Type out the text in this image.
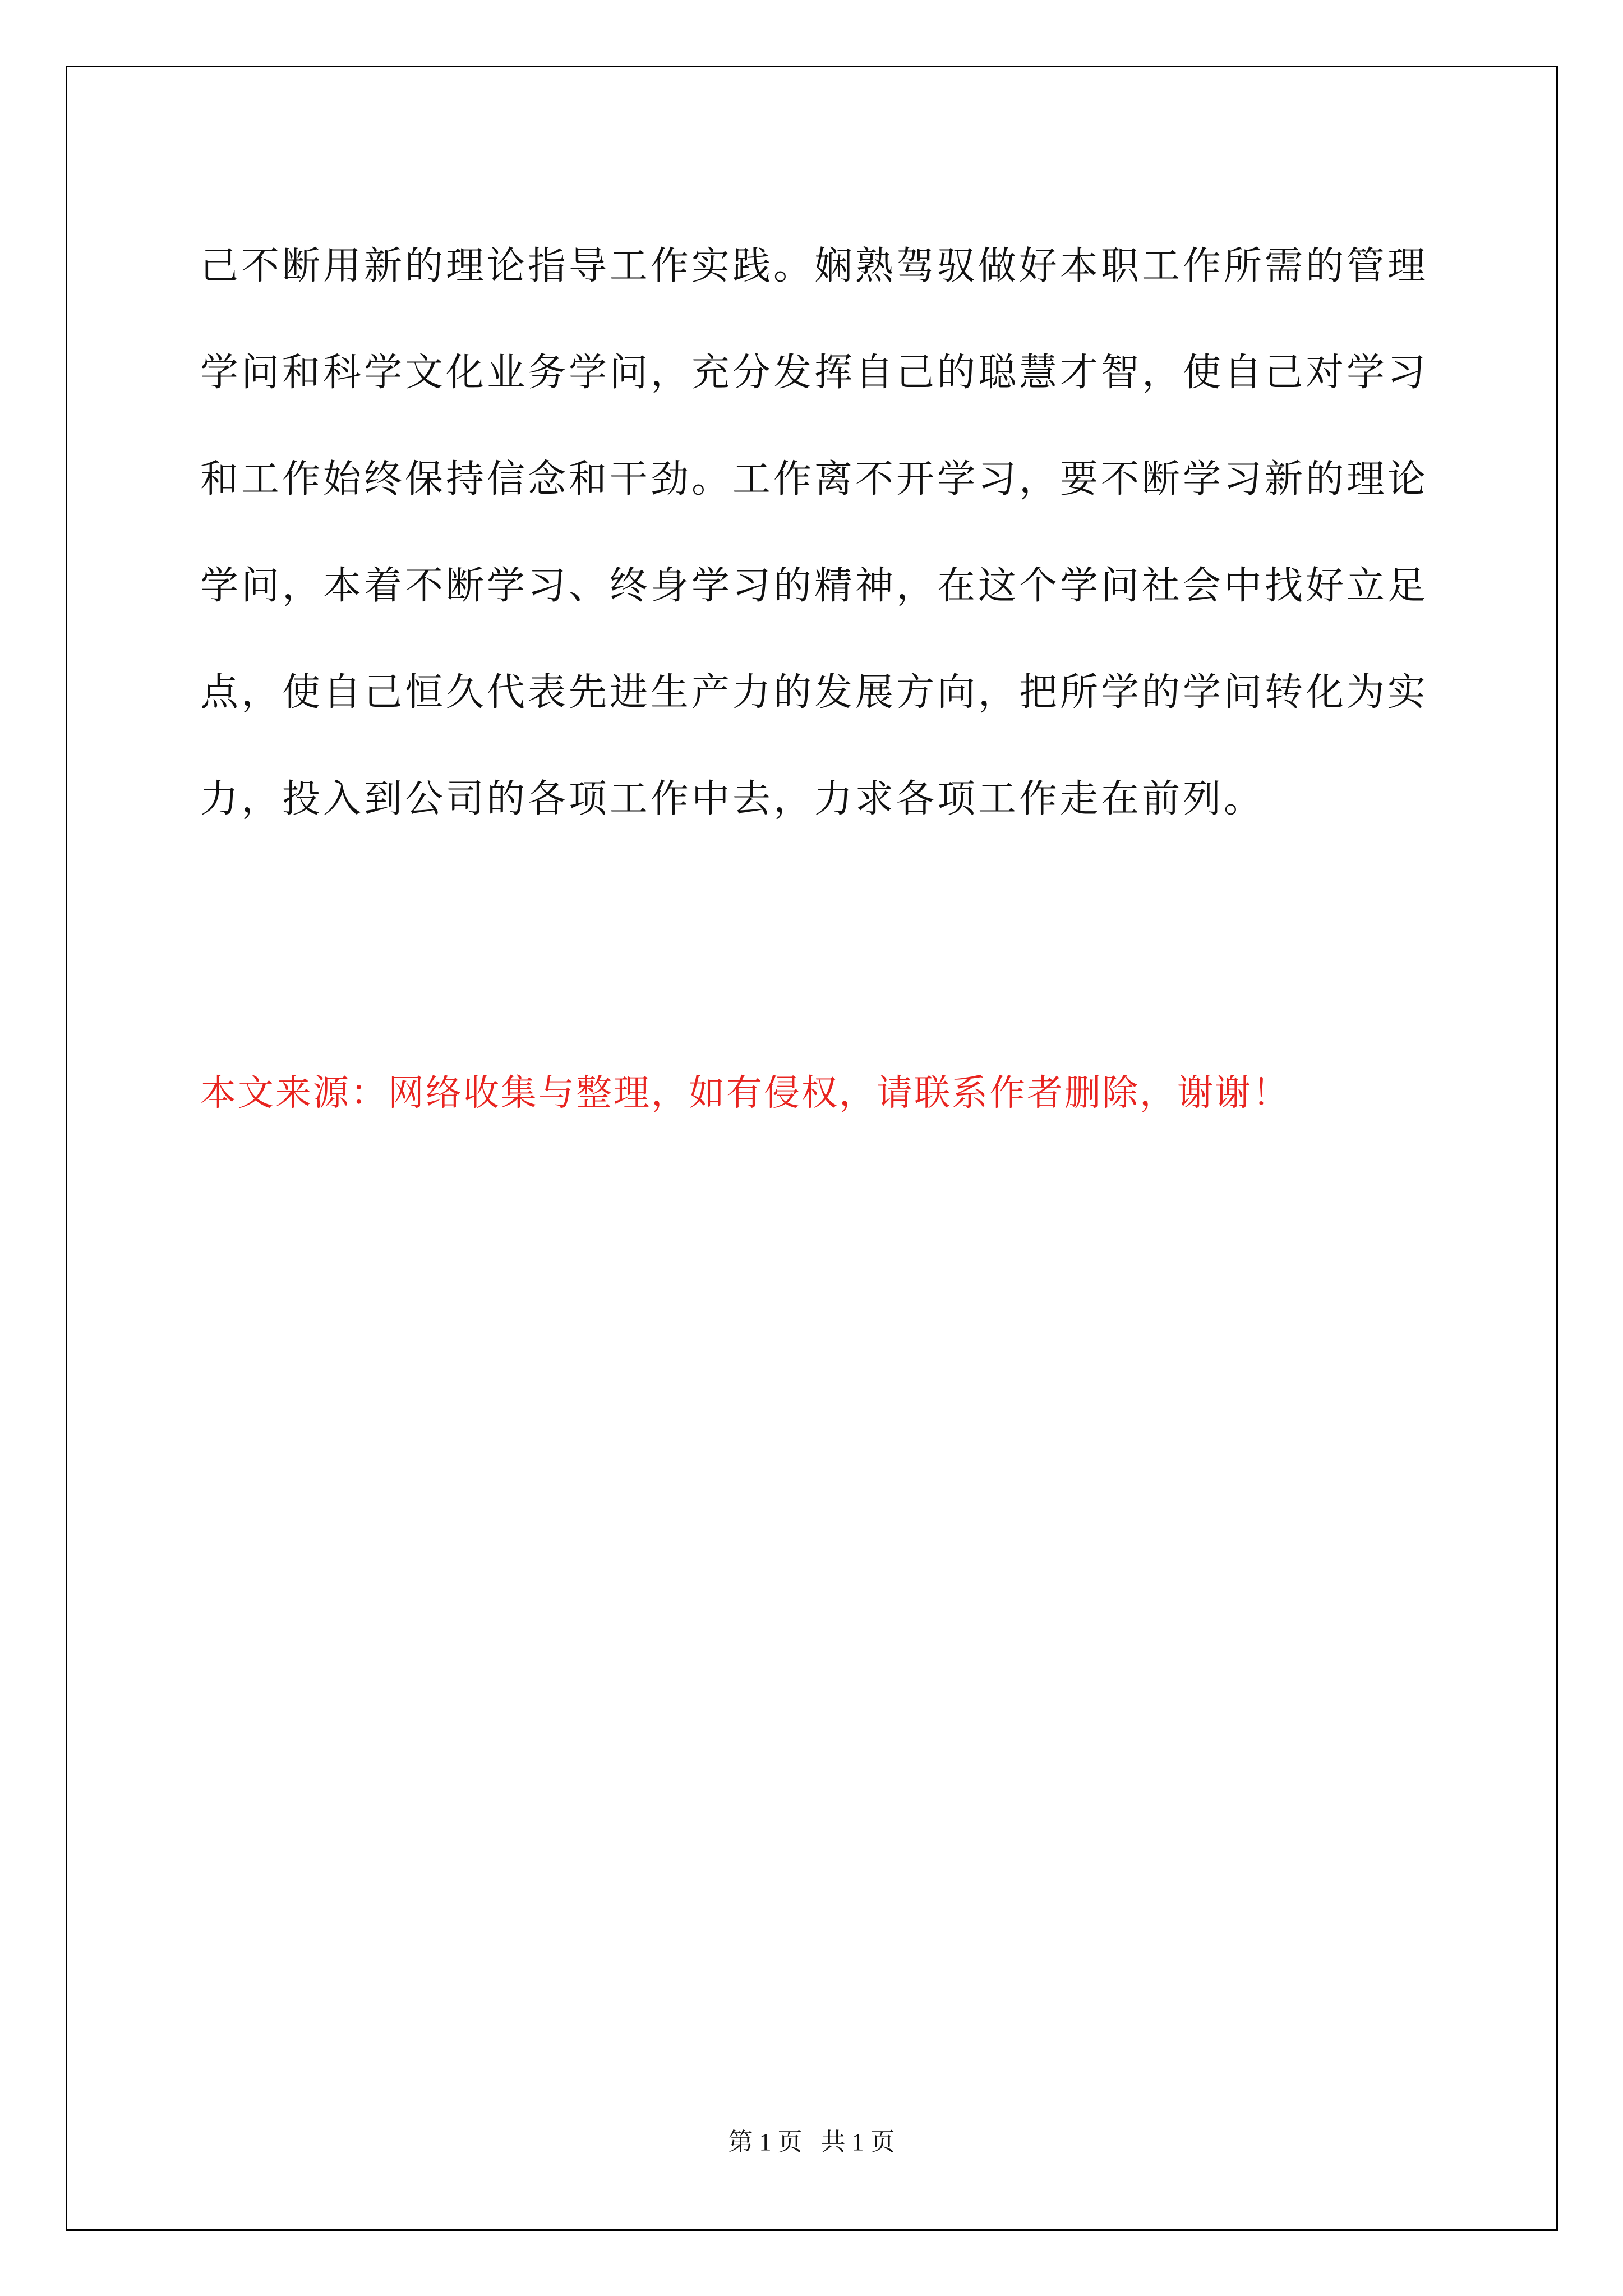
己不断用新的理论指导工作实践。娴熟驾驭做好本职工作所需的管理
学问和科学文化业务学问，充分发挥自己的聪慧才智，使自己对学习
和工作始终保持信念和干劲。工作离不开学习，要不断学习新的理论
学问，本着不断学习、终身学习的精神，在这个学问社会中找好立足
点，使自己恒久代表先进生产力的发展方向，把所学的学问转化为实
力，投入到公司的各项工作中去，力求各项工作走在前列。

本文来源：网络收集与整理，如有侵权，请联系作者删除，谢谢！

第 1 页   共 1 页
